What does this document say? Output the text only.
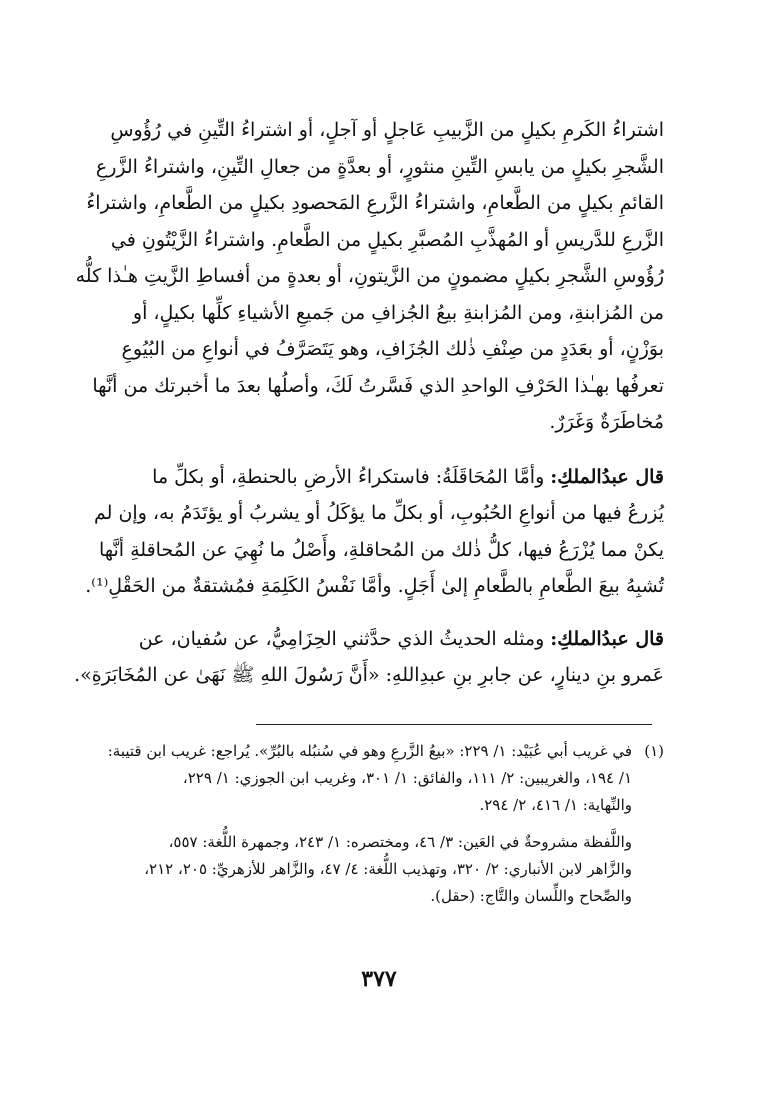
اشتراءُ الكَرمِ بكيلٍ من الزَّبيبِ عَاجلٍ أو آجلٍ، أو اشتراءُ التِّينِ في رُؤُوسِ
الشَّجرِ بكيلٍ من يابسِ التِّينِ منثورٍ، أو بعدَّةٍ من جعالِ التِّينِ، واشتراءُ الزَّرعِ
القائمِ بكيلٍ من الطَّعامِ، واشتراءُ الزَّرعِ المَحصودِ بكيلٍ من الطَّعامِ، واشتراءُ
الزَّرعِ للدَّريسِ أو المُهذَّبِ المُصبَّرِ بكيلٍ من الطَّعامِ. واشتراءُ الزَّيْتُونِ في
رُؤُوسِ الشَّجرِ بكيلٍ مضمونٍ من الزَّيتونِ، أو بعدةٍ من أفساطِ الزَّيتِ هـٰذا كلُّه
من المُزابنةِ، ومن المُزابنةِ بيعُ الجُزافِ من جَميعِ الأشياءِ كلِّها بكيلٍ، أو
بوَزْنٍ، أو بعَدَدٍ من صِنْفِ ذٰلك الجُزَافِ، وهو يَتَصَرَّفُ في أنواعِ من البُيُوعِ
تعرفُها بهـٰذا الحَرْفِ الواحدِ الذي فَسَّرتُ لَكَ، وأصلُها بعدَ ما أخبرتك من أنَّها
مُخاطَرَةٌ وَغَرَرٌ.

قال عبدُالملكِ: وأمَّا المُحَاقَلَةُ: فاستكراءُ الأرضِ بالحنطةِ، أو بكلِّ ما
يُزرعُ فيها من أنواعِ الحُبُوبِ، أو بكلِّ ما يؤكَلُ أو يشربُ أو يؤتَدَمُ به، وإن لم
يكنْ مما يُزْرَعُ فيها، كلُّ ذٰلك من المُحاقلةِ، وأَصْلُ ما نُهِيَ عن المُحاقلةِ أنَّها
تُشبِهُ بيعَ الطَّعامِ بالطَّعامِ إلىٰ أَجَلٍ. وأمَّا نَفْسُ الكَلِمَةِ فمُشتقةٌ من الحَقْلِ⁽¹⁾.

قال عبدُالملكِ: ومثله الحديثُ الذي حدَّثني الحِزَامِيُّ، عن سُفيان، عن
عَمرو بنِ دينارٍ، عن جابرِ بنِ عبدِاللهِ: «أَنَّ رَسُولَ اللهِ ﷺ نَهَىٰ عن المُخَابَرَةِ».

(١)في غريب أبي عُبَيْد: ١/ ٢٢٩: «بيعُ الزَّرعِ وهو في سُنبُله بالبُرِّ». يُراجع: غريب ابن قتيبة:
١/ ١٩٤، والغريبين: ٢/ ١١١، والفائق: ١/ ٣٠١، وغريب ابن الجوزي: ١/ ٢٢٩،
والنِّهاية: ١/ ٤١٦، ٢/ ٢٩٤.
واللَّفظة مشروحةٌ في العَين: ٣/ ٤٦، ومختصره: ١/ ٢٤٣، وجمهرة اللُّغة: ٥٥٧،
والزَّاهر لابن الأنباري: ٢/ ٣٢٠، وتهذيب اللُّغة: ٤/ ٤٧، والزَّاهر للأزهريِّ: ٢٠٥، ٢١٢،
والصِّحاح واللِّسان والتَّاج: (حقل).
٣٧٧
